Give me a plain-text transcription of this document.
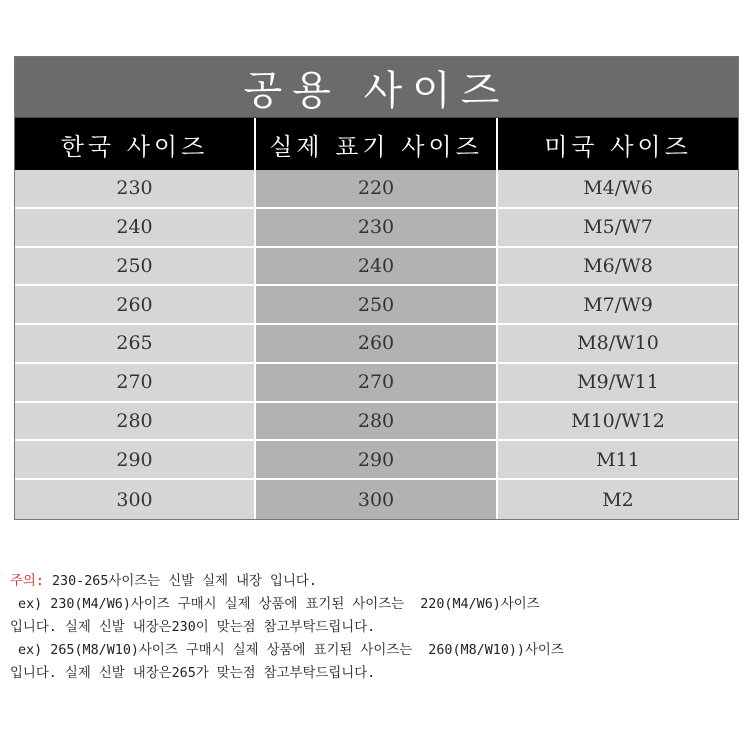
공용 사이즈
한국 사이즈	실제 표기 사이즈	미국 사이즈
230	220	M4/W6
240	230	M5/W7
250	240	M6/W8
260	250	M7/W9
265	260	M8/W10
270	270	M9/W11
280	280	M10/W12
290	290	M11
300	300	M2
주의: 230-265사이즈는 신발 실제 내장 입니다.
ex) 230(M4/W6)사이즈 구매시 실제 상품에 표기된 사이즈는  220(M4/W6)사이즈
입니다. 실제 신발 내장은230이 맞는점 참고부탁드립니다.
ex) 265(M8/W10)사이즈 구매시 실제 상품에 표기된 사이즈는  260(M8/W10))사이즈
입니다. 실제 신발 내장은265가 맞는점 참고부탁드립니다.
